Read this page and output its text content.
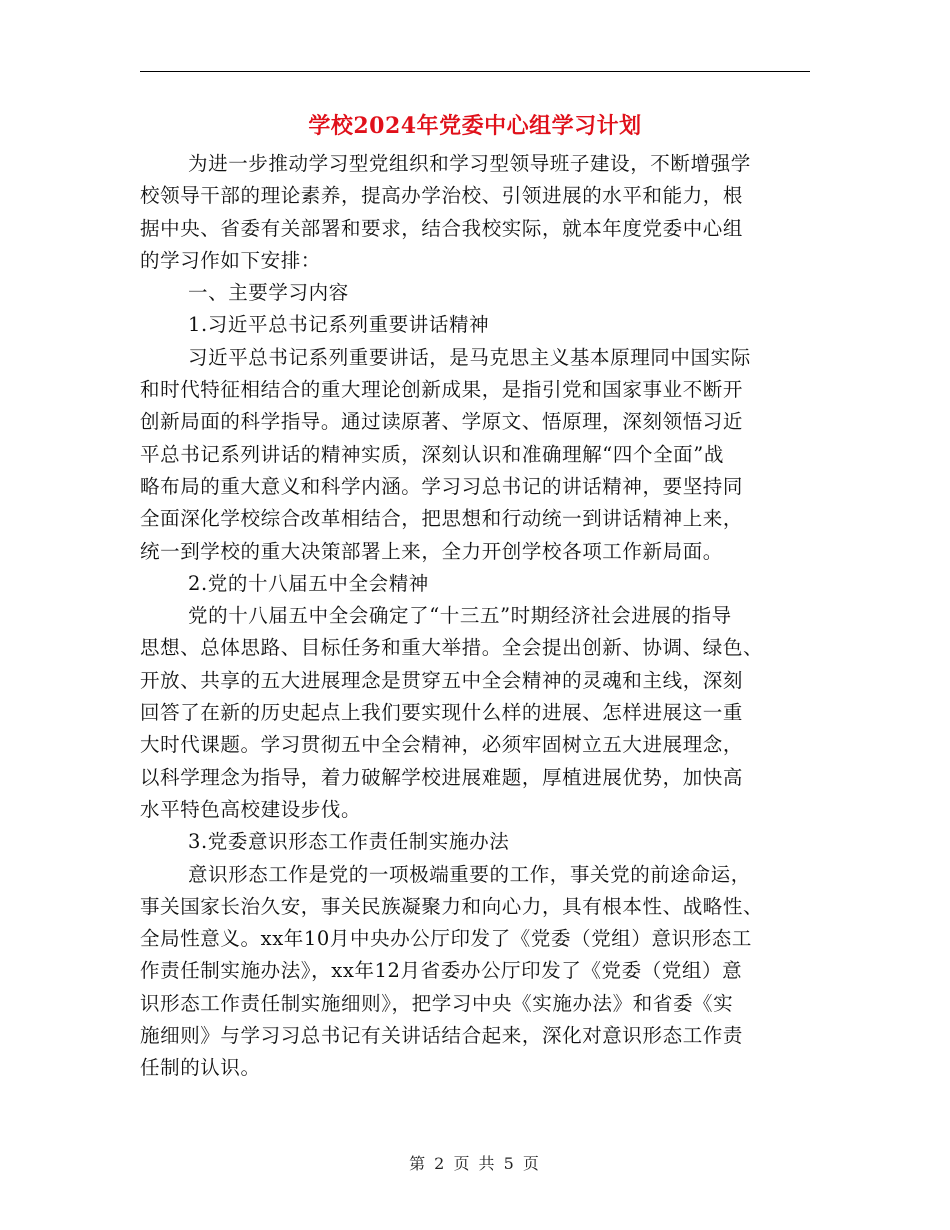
学校2024年党委中心组学习计划
为进一步推动学习型党组织和学习型领导班子建设，不断增强学
校领导干部的理论素养，提高办学治校、引领进展的水平和能力，根
据中央、省委有关部署和要求，结合我校实际，就本年度党委中心组
的学习作如下安排：
一、主要学习内容
1.习近平总书记系列重要讲话精神
习近平总书记系列重要讲话，是马克思主义基本原理同中国实际
和时代特征相结合的重大理论创新成果，是指引党和国家事业不断开
创新局面的科学指导。通过读原著、学原文、悟原理，深刻领悟习近
平总书记系列讲话的精神实质，深刻认识和准确理解“四个全面”战
略布局的重大意义和科学内涵。学习习总书记的讲话精神，要坚持同
全面深化学校综合改革相结合，把思想和行动统一到讲话精神上来，
统一到学校的重大决策部署上来，全力开创学校各项工作新局面。
2.党的十八届五中全会精神
党的十八届五中全会确定了“十三五”时期经济社会进展的指导
思想、总体思路、目标任务和重大举措。全会提出创新、协调、绿色、
开放、共享的五大进展理念是贯穿五中全会精神的灵魂和主线，深刻
回答了在新的历史起点上我们要实现什么样的进展、怎样进展这一重
大时代课题。学习贯彻五中全会精神，必须牢固树立五大进展理念，
以科学理念为指导，着力破解学校进展难题，厚植进展优势，加快高
水平特色高校建设步伐。
3.党委意识形态工作责任制实施办法
意识形态工作是党的一项极端重要的工作，事关党的前途命运，
事关国家长治久安，事关民族凝聚力和向心力，具有根本性、战略性、
全局性意义。xx年10月中央办公厅印发了《党委（党组）意识形态工
作责任制实施办法》，xx年12月省委办公厅印发了《党委（党组）意
识形态工作责任制实施细则》，把学习中央《实施办法》和省委《实
施细则》与学习习总书记有关讲话结合起来，深化对意识形态工作责
任制的认识。
第 2 页 共 5 页
